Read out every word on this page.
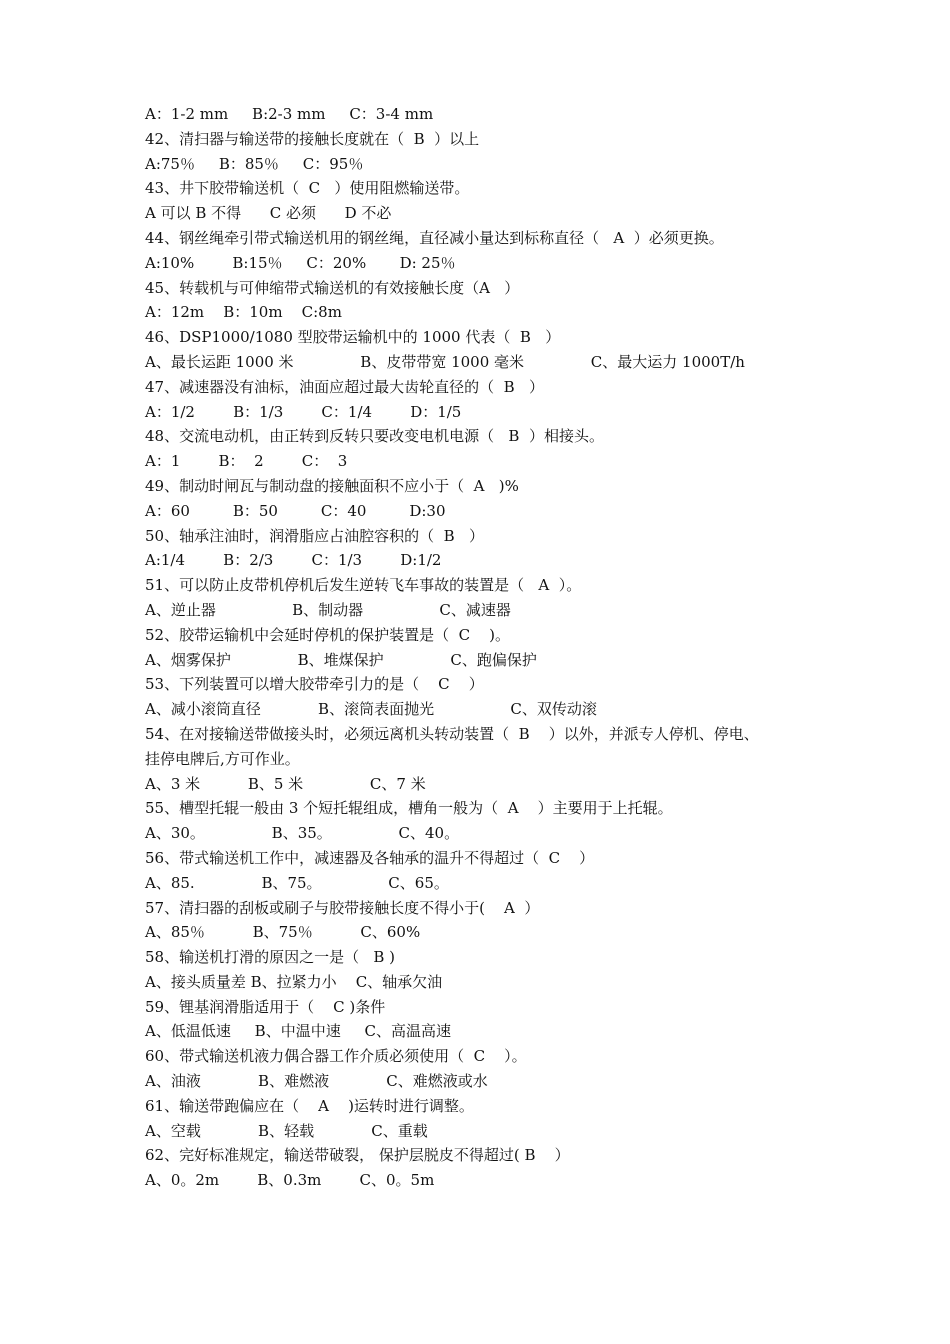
A：1-2 mm     B:2-3 mm     C：3-4 mm
42、清扫器与输送带的接触长度就在（  B  ）以上
A:75％     B：85％     C：95％
43、井下胶带输送机（  C   ）使用阻燃输送带。
A 可以 B 不得      C 必须      D 不必
44、钢丝绳牵引带式输送机用的钢丝绳，直径减小量达到标称直径（   A  ）必须更换。
A:10%        B:15％     C：20%       D: 25％
45、转载机与可伸缩带式输送机的有效接触长度（A   ）
A：12m    B：10m    C:8m
46、DSP1000/1080 型胶带运输机中的 1000 代表（  B   ）
A、最长运距 1000 米              B、皮带带宽 1000 毫米              C、最大运力 1000T/h
47、减速器没有油标，油面应超过最大齿轮直径的（  B   ）
A：1/2        B：1/3        C：1/4        D：1/5
48、交流电动机，由正转到反转只要改变电机电源（   B  ）相接头。
A：1        B：  2        C：  3
49、制动时闸瓦与制动盘的接触面积不应小于（  A   )%
A：60         B：50         C：40         D:30
50、轴承注油时，润滑脂应占油腔容积的（  B   ）
A:1/4        B：2/3        C：1/3        D:1/2
51、可以防止皮带机停机后发生逆转飞车事故的装置是（   A  ）。
A、逆止器                B、制动器                C、减速器
52、胶带运输机中会延时停机的保护装置是（  C    )。
A、烟雾保护              B、堆煤保护              C、跑偏保护
53、下列装置可以增大胶带牵引力的是（    C    ）
A、减小滚筒直径            B、滚筒表面抛光                C、双传动滚
54、在对接输送带做接头时，必须远离机头转动装置（  B    ）以外，并派专人停机、停电、
挂停电牌后,方可作业。
A、3 米          B、5 米              C、7 米
55、槽型托辊一般由 3 个短托辊组成，槽角一般为（  A    ）主要用于上托辊。
A、30。              B、35。              C、40。
56、带式输送机工作中，减速器及各轴承的温升不得超过（  C    ）
A、85.              B、75。              C、65。
57、清扫器的刮板或刷子与胶带接触长度不得小于(    A  ）
A、85％          B、75％          C、60%
58、输送机打滑的原因之一是（   B )
A、接头质量差 B、拉紧力小    C、轴承欠油
59、锂基润滑脂适用于（    C )条件
A、低温低速     B、中温中速     C、高温高速
60、带式输送机液力偶合器工作介质必须使用（  C    ）。
A、油液            B、难燃液            C、难燃液或水
61、输送带跑偏应在（    A    )运转时进行调整。
A、空载            B、轻载            C、重载
62、完好标准规定，输送带破裂， 保护层脱皮不得超过( B    ）
A、0。2m        B、0.3m        C、0。5m
